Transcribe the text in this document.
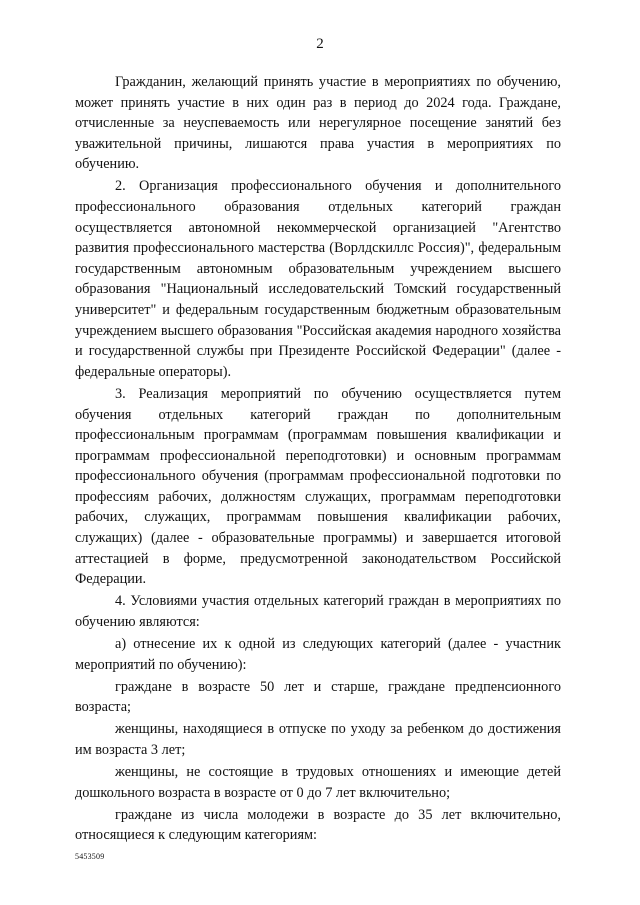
2

Гражданин, желающий принять участие в мероприятиях по обучению, может принять участие в них один раз в период до 2024 года. Граждане, отчисленные за неуспеваемость или нерегулярное посещение занятий без уважительной причины, лишаются права участия в мероприятиях по обучению.

2. Организация профессионального обучения и дополнительного профессионального образования отдельных категорий граждан осуществляется автономной некоммерческой организацией "Агентство развития профессионального мастерства (Ворлдскиллс Россия)", федеральным государственным автономным образовательным учреждением высшего образования "Национальный исследовательский Томский государственный университет" и федеральным государственным бюджетным образовательным учреждением высшего образования "Российская академия народного хозяйства и государственной службы при Президенте Российской Федерации" (далее - федеральные операторы).

3. Реализация мероприятий по обучению осуществляется путем обучения отдельных категорий граждан по дополнительным профессиональным программам (программам повышения квалификации и программам профессиональной переподготовки) и основным программам профессионального обучения (программам профессиональной подготовки по профессиям рабочих, должностям служащих, программам переподготовки рабочих, служащих, программам повышения квалификации рабочих, служащих) (далее - образовательные программы) и завершается итоговой аттестацией в форме, предусмотренной законодательством Российской Федерации.

4. Условиями участия отдельных категорий граждан в мероприятиях по обучению являются:

а) отнесение их к одной из следующих категорий (далее - участник мероприятий по обучению):

граждане в возрасте 50 лет и старше, граждане предпенсионного возраста;

женщины, находящиеся в отпуске по уходу за ребенком до достижения им возраста 3 лет;

женщины, не состоящие в трудовых отношениях и имеющие детей дошкольного возраста в возрасте от 0 до 7 лет включительно;

граждане из числа молодежи в возрасте до 35 лет включительно, относящиеся к следующим категориям:

5453509
